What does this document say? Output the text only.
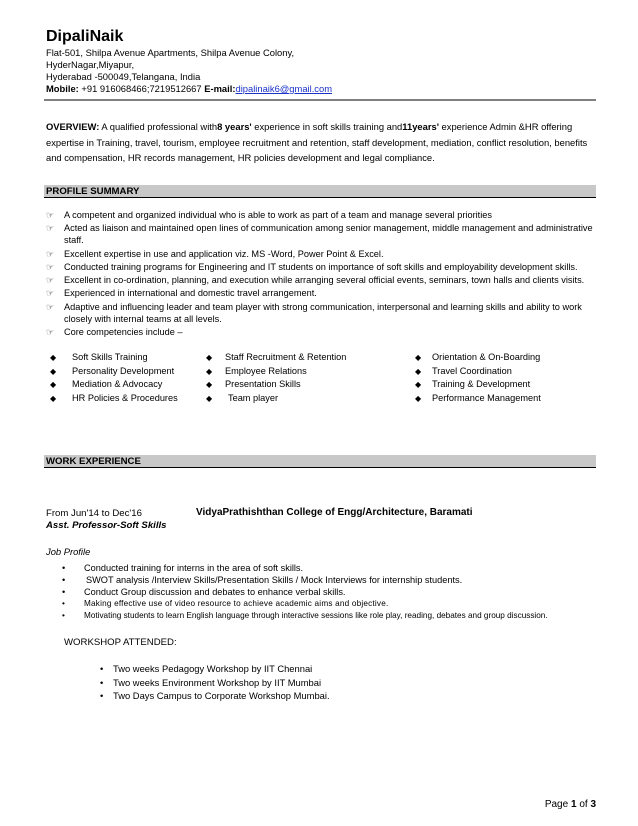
DipaliNaik
Flat-501, Shilpa Avenue Apartments, Shilpa Avenue Colony,
HyderNagar,Miyapur,
Hyderabad -500049,Telangana, India
Mobile: +91 916068466;7219512667 E-mail:dipalinaik6@gmail.com
OVERVIEW: A qualified professional with8 years' experience in soft skills training and11years' experience Admin &HR offering expertise in Training, travel, tourism, employee recruitment and retention, staff development, mediation, conflict resolution, benefits and compensation, HR records management, HR policies development and legal compliance.
PROFILE SUMMARY
☞ A competent and organized individual who is able to work as part of a team and manage several priorities
☞ Acted as liaison and maintained open lines of communication among senior management, middle management and administrative staff.
☞ Excellent expertise in use and application viz. MS -Word, Power Point & Excel.
☞ Conducted training programs for Engineering and IT students on importance of soft skills and employability development skills.
☞ Excellent in co-ordination, planning, and execution while arranging several official events, seminars, town halls and clients visits.
☞ Experienced in international and domestic travel arrangement.
☞ Adaptive and influencing leader and team player with strong communication, interpersonal and learning skills and ability to work closely with internal teams at all levels.
☞ Core competencies include –
◆ Soft Skills Training
◆ Personality Development
◆ Mediation & Advocacy
◆ HR Policies & Procedures
◆ Staff Recruitment & Retention
◆ Employee Relations
◆ Presentation Skills
◆ Team player
◆ Orientation & On-Boarding
◆ Travel Coordination
◆ Training & Development
◆ Performance Management
WORK EXPERIENCE
From Jun'14 to Dec'16	VidyaPrathishthan College of Engg/Architecture, Baramati
Asst. Professor-Soft Skills
Job Profile
• Conducted training for interns in the area of soft skills.
• SWOT analysis /Interview Skills/Presentation Skills / Mock Interviews for internship students.
• Conduct Group discussion and debates to enhance verbal skills.
• Making effective use of video resource to achieve academic aims and objective.
• Motivating students to learn English language through interactive sessions like role play, reading, debates and group discussion.
WORKSHOP ATTENDED:
• Two weeks Pedagogy Workshop by IIT Chennai
• Two weeks Environment Workshop by IIT Mumbai
• Two Days Campus to Corporate Workshop Mumbai.
Page 1 of 3
